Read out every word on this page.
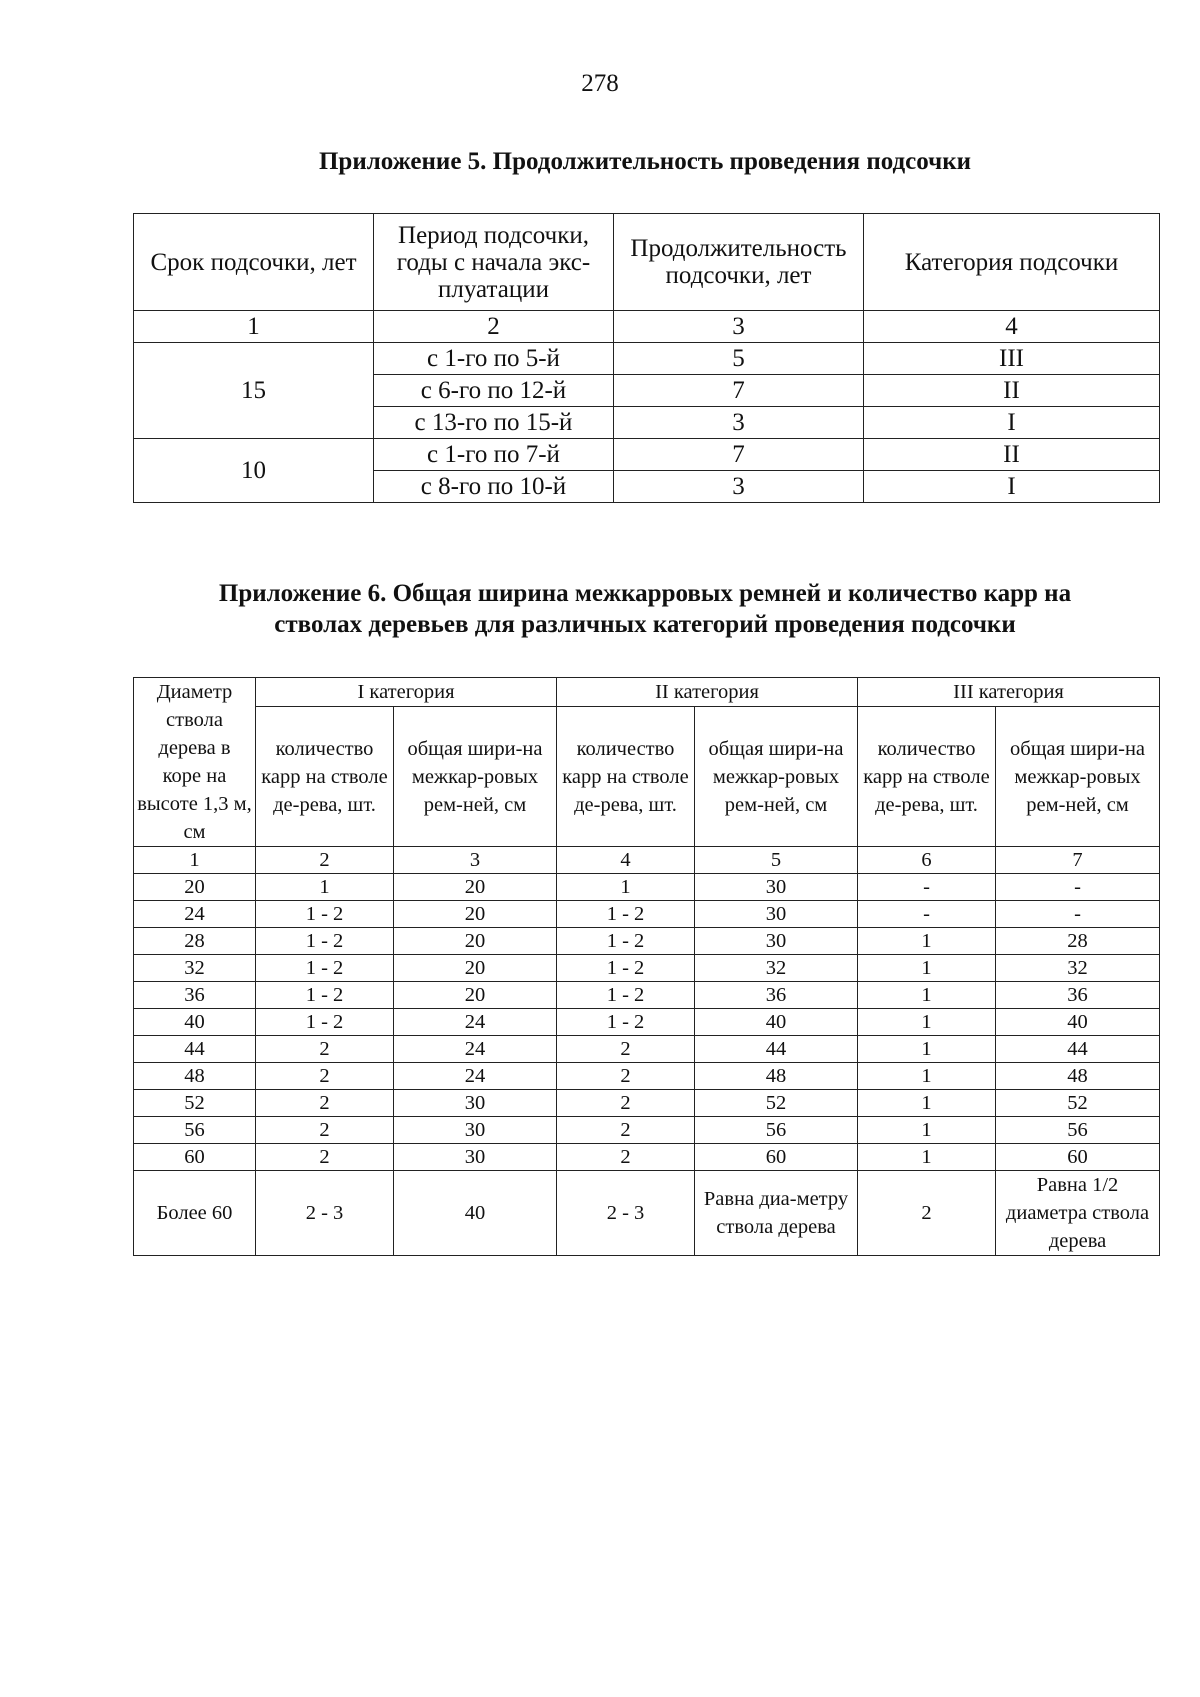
278
Приложение 5. Продолжительность проведения подсочки
Срок подсочки, лет	Период подсочки, годы с начала экс-плуатации	Продолжительность подсочки, лет	Категория подсочки
1	2	3	4
15	с 1-го по 5-й	5	III
	с 6-го по 12-й	7	II
	с 13-го по 15-й	3	I
10	с 1-го по 7-й	7	II
	с 8-го по 10-й	3	I
Приложение 6. Общая ширина межкарровых ремней и количество карр на
стволах деревьев для различных категорий проведения подсочки
Диаметр ствола дерева в коре на высоте 1,3 м, см	I категория		II категория		III категория	
	количество карр на стволе де-рева, шт.	общая шири-на межкар-ровых рем-ней, см	количество карр на стволе де-рева, шт.	общая шири-на межкар-ровых рем-ней, см	количество карр на стволе де-рева, шт.	общая шири-на межкар-ровых рем-ней, см
1	2	3	4	5	6	7
20	1	20	1	30	-	-
24	1 - 2	20	1 - 2	30	-	-
28	1 - 2	20	1 - 2	30	1	28
32	1 - 2	20	1 - 2	32	1	32
36	1 - 2	20	1 - 2	36	1	36
40	1 - 2	24	1 - 2	40	1	40
44	2	24	2	44	1	44
48	2	24	2	48	1	48
52	2	30	2	52	1	52
56	2	30	2	56	1	56
60	2	30	2	60	1	60
Более 60	2 - 3	40	2 - 3	Равна диа-метру ствола дерева	2	Равна 1/2 диаметра ствола дерева
